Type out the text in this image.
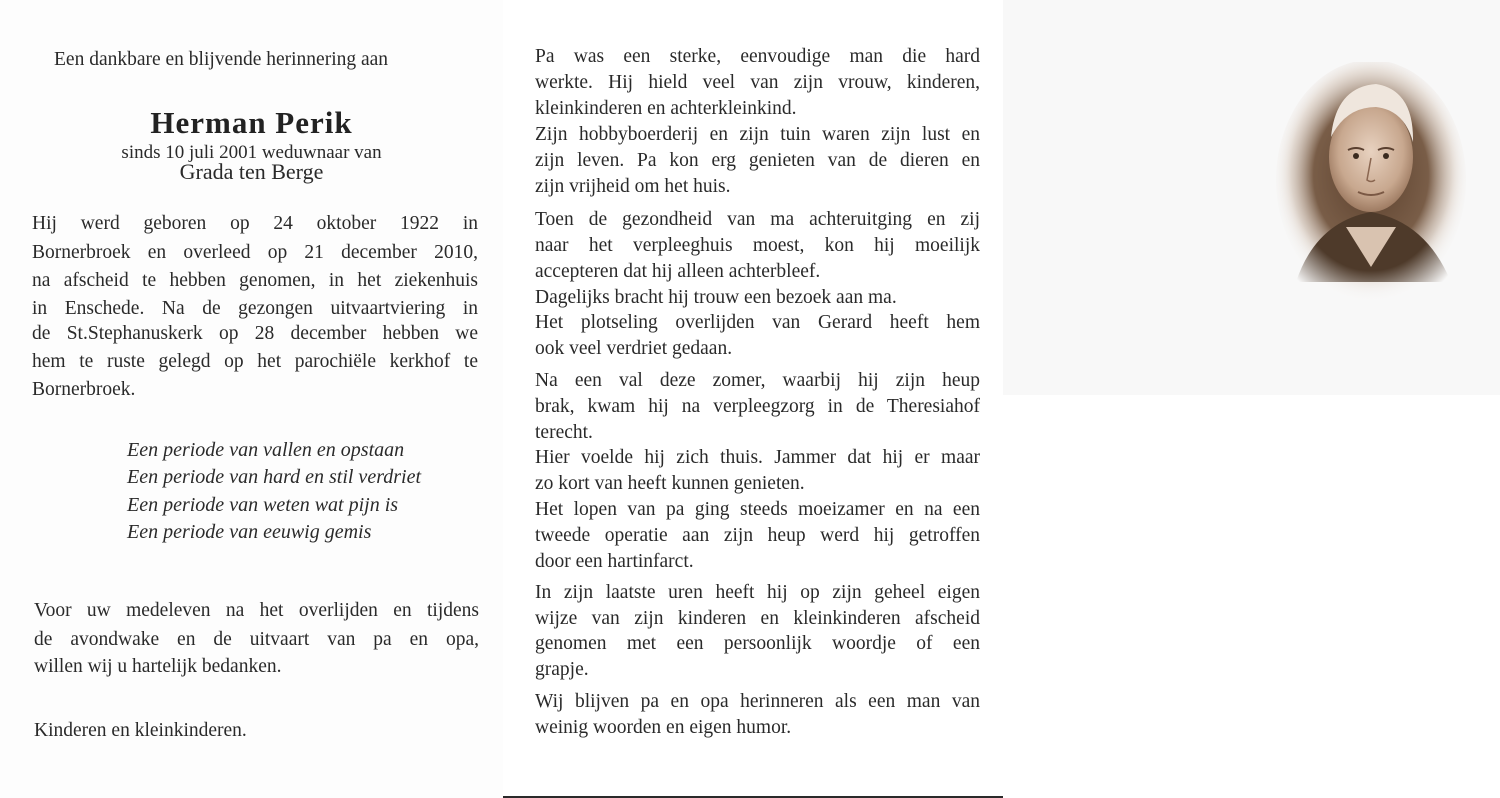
Een dankbare en blijvende herinnering aan

Herman Perik
sinds 10 juli 2001 weduwnaar van
Grada ten Berge

Hij werd geboren op 24 oktober 1922 in

Bornerbroek en overleed op 21 december 2010,

na afscheid te hebben genomen, in het ziekenhuis

in Enschede. Na de gezongen uitvaartviering in

de St.Stephanuskerk op 28 december hebben we

hem te ruste gelegd op het parochiële kerkhof te

Bornerbroek.

Een periode van vallen en opstaan

Een periode van hard en stil verdriet

Een periode van weten wat pijn is

Een periode van eeuwig gemis

Voor uw medeleven na het overlijden en tijdens

de avondwake en de uitvaart van pa en opa,

willen wij u hartelijk bedanken.

Kinderen en kleinkinderen.

Pa was een sterke, eenvoudige man die hard

werkte. Hij hield veel van zijn vrouw, kinderen,

kleinkinderen en achterkleinkind.

Zijn hobbyboerderij en zijn tuin waren zijn lust en

zijn leven. Pa kon erg genieten van de dieren en

zijn vrijheid om het huis.

Toen de gezondheid van ma achteruitging en zij

naar het verpleeghuis moest, kon hij moeilijk

accepteren dat hij alleen achterbleef.

Dagelijks bracht hij trouw een bezoek aan ma.

Het plotseling overlijden van Gerard heeft hem

ook veel verdriet gedaan.

Na een val deze zomer, waarbij hij zijn heup

brak, kwam hij na verpleegzorg in de Theresiahof

terecht.

Hier voelde hij zich thuis. Jammer dat hij er maar

zo kort van heeft kunnen genieten.

Het lopen van pa ging steeds moeizamer en na een

tweede operatie aan zijn heup werd hij getroffen

door een hartinfarct.

In zijn laatste uren heeft hij op zijn geheel eigen

wijze van zijn kinderen en kleinkinderen afscheid

genomen met een persoonlijk woordje of een

grapje.

Wij blijven pa en opa herinneren als een man van

weinig woorden en eigen humor.
